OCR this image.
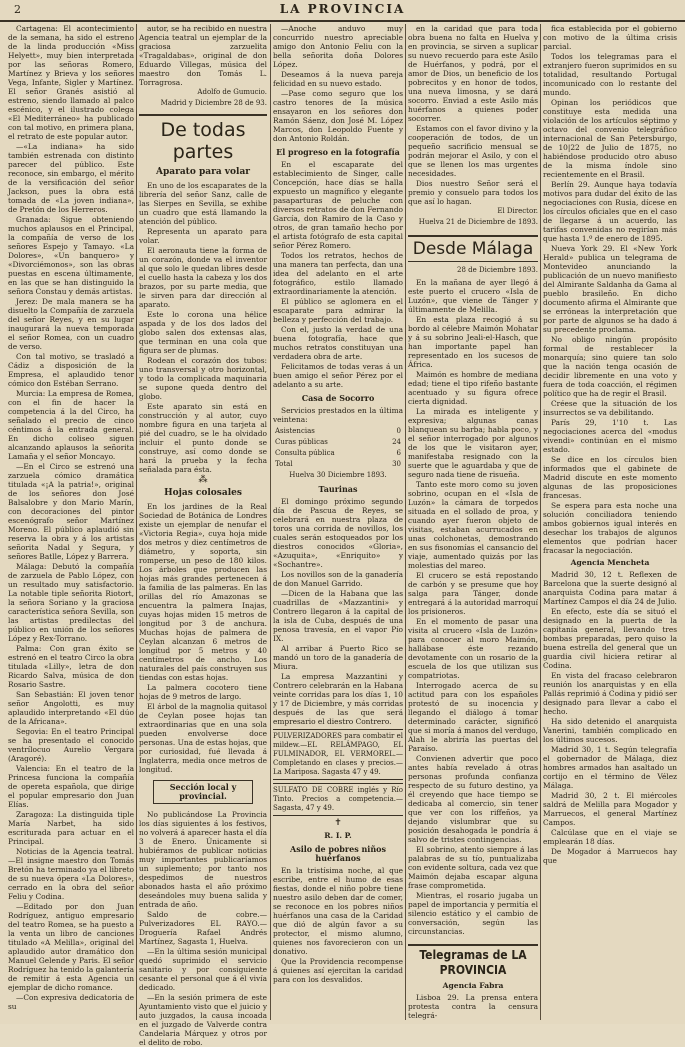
2	LA PROVINCIA

Cartagena: El acontecimiento de la semana, ha sido el estreno de la linda producción «Miss Helyett», muy bien interpretada por las señoras Romero, Martínez y Brieva y los señores Vega, Infante, Sigler y Martínez. El señor Granés asistió al estreno, siendo llamado al palco escénico, y el ilustrado colega «El Mediterráneo» ha publicado con tal motivo, en primera plana, el retrato de este popular autor.

—«La indiana» ha sido también estrenada con distinto parecer del público. Este reconoce, sin embargo, el mérito de la versificación del señor Jackson, pues la obra está tomada de «La joven indiana», de Pretón de los Herreros.

Granada: Sigue obteniendo muchos aplausos en el Principal, la compañía de verso de los señores Espejo y Tamayo. «La Dolores», «Un banquero» y «Divorciémonos», son las obras puestas en escena últimamente, en las que se han distinguido la señora Constau y demás artistas.

Jerez: De mala manera se ha disuelto la Compañía de zarzuela del señor Reyes, y en su lugar inaugurará la nueva temporada el señor Romea, con un cuadro de verso.

Con tal motivo, se trasladó a Cádiz a disposición de la Empresa, el aplaudido tenor cómico don Estéban Serrano.

Murcia: La empresa de Romea, con el fin de hacer la competencia á la del Circo, ha señalado el precio de cinco céntimos á la entrada general. En dicho coliseo siguen alcanzando aplausos la señorita Lamaña y el señor Moncayo.

—En el Circo se estrenó una zarzuela cómico dramática titulada «¡A la patria!», original de los señores don José Balsalobre y don Mario Marín, con decoraciones del pintor escenógrafo señor Martínez Moreno. El público aplaudió sin reserva la obra y á los artistas señorita Nadal y Segura, y señores Batlle, López y Barrera.

Málaga: Debutó la compañía de zarzuela de Pablo López, con un resultado muy satisfactorio. La notable tiple señorita Riotort, la señora Soriano y la graciosa característica señora Sevilla, son las artistas predilectas del público en unión de los señores López y Rex-Torrano.

Palma: Con gran éxito se estrenó en el teatro Circo la obra titulada «Lilly», letra de don Ricardo Salva, música de don Rosario Sastre.

San Sebastián: El joven tenor señor Angolotti, es muy aplaudido interpretando «El dúo de la Africana».

Segovia: En el teatro Principal se ha presentado el conocido ventrílocuo Aurelio Vergara (Aragoré).

Valencia: En el teatro de la Princesa funciona la compañía de opereta española, que dirige el popular empresario don Juan Elías.

Zaragoza: La distinguida tiple María Narbet, ha sido escriturada para actuar en el Principal.

Noticias de la Agencia teatral.—El insigne maestro don Tomás Bretón ha terminado ya el libreto de su nueva ópera «La Dolores», cerrado en la obra del señor Feliu y Codina.

—Editado por don Juan Rodríguez, antiguo empresario del teatro Romea, se ha puesto a la venta un libro de canciones titulado «A Melilla», original del aplaudido autor dramático don Manuel Gelende y Paris. El señor Rodríguez ha tenido la galantería de remitir á esta Agencia un ejemplar de dicho romance.

—Con expresiva dedicatoria de su

autor, se ha recibido en nuestra Agencia teatral un ejemplar de la graciosa zarzuelita «Tragaldabas», original de don Eduardo Villegas, música del maestro don Tomás L. Torragrosa.

Adolfo de Gumucio.
Madrid y Diciembre 28 de 93.
De todas partes
Aparato para volar

En uno de los escaparates de la librería del señor Sanz, calle de las Sierpes en Sevilla, se exhibe un cuadro que está llamando la atención del público.

Representa un aparato para volar.

El aeronauta tiene la forma de un corazón, donde va el inventor al que solo le quedan libres desde el cuello hasta la cabeza y los dos brazos, por su parte media, que le sirven para dar dirección al aparato.

Este lo corona una hélice aspada y de los dos lados del globo salen dos extensas alas, que terminan en una cola que figura ser de plumas.

Rodean el corazón dos tubos: uno transversal y otro horizontal, y todo la complicada maquinaria se supone queda dentro del globo.

Este aparato sin está en construcción y al autor, cuyo nombre figura en una tarjeta al pié del cuadro, se le ha olvidado incluir el punto donde se construye, así como donde se hará la prueba y la fecha señalada para ésta.

⁂
Hojas colosales

En los jardines de la Real Sociedad de Botánica de Londres existe un ejemplar de nenufar el «Victoria Regia», cuya hoja mide dos metros y diez centímetros de diámetro, y soporta, sin romperse, un peso de 180 kilos. Los árboles que producen las hojas más grandes pertenecen á la familia de las palmeras. En las orillas del río Amazonas se encuentra la palmera Inajas, cuyas hojas miden 15 metros de longitud por 3 de anchura. Muchas hojas de palmera de Ceylan alcanzan 6 metros de longitud por 5 metros y 40 centímetros de ancho. Los naturales del país construyen sus tiendas con estas hojas.

La palmera cocotero tiene hojas de 9 metros de largo.

El árbol de la magnolia quitasol de Ceylan posee hojas tan extraordinarias que en una sola pueden envolverse doce personas. Una de estas hojas, que por curiosidad, fué llevada á Inglaterra, media once metros de longitud.

Sección local y provincial.

No publicándose La Provincia los días siguientes á los festivos, no volverá á aparecer hasta el día 3 de Enero. Únicamente si hubiéramos de publicar noticias muy importantes publicaríamos un suplemento; por tanto nos despedimos de nuestros abonados hasta el año próximo deseándoles muy buena salida y entrada de año.

Saldo de cobre.—Pulverizadores EL RAYO.—Droguería Rafael Andrés Martínez, Sagasta 1, Huelva.

—En la última sesión municipal quedó suprimido el servicio sanitario y por consiguiente cesante el personal que á él vivía dedicado.

—En la sesión primera de este Ayuntamiento visto que el juicio y auto juzgados, la causa incoada en el juzgado de Valverde contra Candelaria Márquez y otros por el delito de robo.

—Anoche anduvo muy concurrido nuestro apreciable amigo don Antonio Feliu con la bella señorita doña Dolores López.

Deseamos á la nueva pareja felicidad en su nuevo estado.

—Pase como seguro que los castro tenores de Ia música ensayaron en los señores don Ramón Sáenz, don José M. López Marcos, don Leopoldo Fuente y don Antonio Roldán.

El progreso en la fotografía

En el escaparate del establecimiento de Singer, calle Concepción, hace días se halla expuesto un magnífico y elegante pasaparturas de peluche con diversos retratos de don Fernando García, don Ramiro de la Caso y otros, de gran tamaño hecho por el artista fotógrafo de esta capital señor Pérez Romero.

Todos los retratos, hechos de una manera tan perfecta, dan una idea del adelanto en el arte fotográfico, estilo llamado extraordinariamente la atención.

El público se aglomera en el escaparate para admirar la belleza y perfección del trabajo.

Con el, justo la verdad de una buena fotografía, hace que muchos retratos constituyan una verdadera obra de arte.

Felicitamos de todas veras á un buen amigo el señor Pérez por el adelanto a su arte.

Casa de Socorro

Servicios prestados en la última veintena:

Asistencias	0
Curas públicas	24
Consulta pública	6
Total	30
Huelva 30 Diciembre 1893.
Taurinas

El domingo próximo segundo día de Pascua de Reyes, se celebrará en nuestra plaza de toros una corrida de novillos, los cuales serán estoqueados por los diestros conocidos «Gloria», «Azuquita», «Enriquito» y «Sochantre».

Los novillos son de la ganadería de don Manuel Garrido.

—Dicen de la Habana que las cuadrillas de «Mazzantini» y Contrero llegaron á la capital de la isla de Cuba, después de una penosa travesía, en el vapor Pío IX.

Al arribar á Puerto Rico se mandó un toro de la ganadería de Miura.

La empresa Mazzantini y Contrero celebrarán en la Habana veinte corridas para los días 1, 10 y 17 de Diciembre, y más corridas después de las que será empresario el diestro Contrero.

PULVERIZADORES para combatir el mildew.—EL RELÁMPAGO, EL FULMINADOR, EL VERMOREL.—Completando en clases y precios.—La Mariposa. Sagasta 47 y 49.
SULFATO DE COBRE inglés y Río Tinto. Precios a competencia.—Sagasta, 47 y 49.
✝
R. I. P.
Asilo de pobres niños huérfanos

En la tristísima noche, al que escribe, entre el humo de esas fiestas, donde el niño pobre tiene nuestro asilo deben dar de comer, se reconoce en los pobres niños huérfanos una casa de la Caridad que dió de algún favor a su protector, el mismo alumno, quienes nos favorecieron con un donativo.

Que la Providencia recompense á quienes así ejercitan la caridad para con los desvalidos.

en la caridad que para toda obra buena no falta en Huelva y en provincia, se sirven a suplicar su nuevo recuerdo para este Asilo de Huérfanos, y podrá, por el amor de Dios, un beneficio de los pobrecitos y en honor de todos, una nueva limosna, y se dará socorro. Enviad a este Asilo más huérfanos a quienes poder socorrer.

Estamos con el favor divino y la cooperación de todos, de un pequeño sacrificio mensual se podrán mejorar el Asilo, y con el que se llenen los mas urgentes necesidades.

Dios nuestro Señor será el premio y consuelo para todos los que así lo hagan.

El Director.
Huelva 21 de Diciembre de 1893.
Desde Málaga
28 de Diciembre 1893.

En la mañana de ayer llegó á este puerto el crucero «Isla de Luzón», que viene de Tánger y últimamente de Melilla.

En esta plaza recogió á su bordo al célebre Maimón Mohatar y á su sobrino Jeali-el-Hasch, que han importante papel han representado en los sucesos de África.

Maimón es hombre de mediana edad; tiene el tipo rifeño bastante acentuado y su figura ofrece cierta dignidad.

La mirada es inteligente y expresiva; algunas canas blanquean su barba; habla poco, y el señor interrogado por algunos de los que le visitaron ayer, manifestaba resignado con la suerte que le aguardaba y que de seguro nada tiene de risueña.

Tanto este moro como su joven sobrino, ocupan en el «Isla de Luzón» la cámara de torpedos situada en el sollado de proa, y cuando ayer fueron objeto de visitas, estaban acurrucados en unas colchonetas, demostrando en sus fisonomías el cansancio del viaje, aumentado quizás por las molestias del mareo.

El crucero se está repostando de carbón y se presume que hoy salga para Tánger, donde entregará á la autoridad marroquí los prisioneros.

En el momento de pasar una visita al crucero «Isla de Luzón» para conocer al moro Maimón, hallábase éste rezando devotamente con un rosario de la escuela de los que utilizan sus compatriotas.

Interrogado acerca de su actitud para con los españoles protestó de su inocencia y llegando el diálogo á tomar determinado carácter, significó que si moría á manos del verdugo, Alah le abriría las puertas del Paraíso.

Convienen advertir que poco antes había revelado á otras personas profunda confianza respecto de su futuro destino, ya él creyendo que hace tiempo se dedicaba al comercio, sin tener que ver con los riffeños, ya dejando vislumbrar que su posición desahogada le pondría á salvo de tristes contingencias.

El sobrino, atento siempre á las palabras de su tío, puntualizaba con evidente soltura, cada vez que Maimón dejaba escapar alguna frase comprometida.

Mientras, el rosario jugaba un papel de importancia y permitía el silencio estático y el cambio de conversación, según las circunstancias.

Telegramas de LA PROVINCIA
Agencia Fabra

Lisboa 29. La prensa entera protesta contra la censura telegrá-

fica establecida por el gobierno con motivo de la última crisis parcial.

Todos los telegramas para el extranjero fueron suprimidos en su totalidad, resultando Portugal incomunicado con lo restante del mundo.

Opinan los periódicos que constituye esta medida una violación de los artículos séptimo y octavo del convenio telegráfico internacional de San Petersburgo, de 10|22 de Julio de 1875, no habiéndose producido otro abuso de la misma índole sino recientemente en el Brasil.

Berlín 29. Aunque haya todavía motivos para dudar del éxito de las negociaciones con Rusia, dícese en los círculos oficiales que en el caso de llegarse á un acuerdo, las tarifas convenidas no regirían más que hasta 1.º de enero de 1895.

Nueva York 29. El «New York Herald» publica un telegrama de Montevideo anunciando la publicación de un nuevo manifiesto del Almirante Saldanha da Gama al pueblo brasileño. En dicho documento afirma el Almirante que se erróneas la interpretación que por parte de algunos se ha dado á su precedente proclama.

No obligo ningún propósito formal de restablecer la monarquía; sino quiere tan solo que la nación tenga ocasión de decidir libremente en una voto y fuera de toda coacción, el régimen político que ha de regir el Brasil.

Créese que la situación de los insurrectos se va debilitando.

París 29, 1'10 t. Las negociaciones acerca del «modus vivendi» continúan en el mismo estado.

Se dice en los círculos bien informados que el gabinete de Madrid discute en este momento algunas de las proposiciones francesas.

Se espera para esta noche una solución conciliadora teniendo ambos gobiernos igual interés en desechar los trabajos de algunos elementos que podrían hacer fracasar la negociación.

Agencia Mencheta

Madrid 30, 12 t. Reflexen de Barcelona que la suerte designó al anarquista Codina para matar á Martínez Campos el día 24 de Julio.

En efecto, este día se situó el designado en la puerta de la capitanía general, llevando tres bombas preparadas, pero quiso la buena estrella del general que un guardia civil hiciera retirar al Codina.

En vista del fracaso celebraron reunión los anarquistas y en ella Pallás reprimió á Codina y pidió ser designado para llevar a cabo el hecho.

Ha sido detenido el anarquista Vanerini, también complicado en los últimos sucesos.

Madrid 30, 1 t. Según telegrafía el gobernador de Málaga, diez hombres armados han asaltado un cortijo en el término de Vélez Málaga.

Madrid 30, 2 t. El miércoles saldrá de Melilla para Mogador y Marruecos, el general Martínez Campos.

Calcúlase que en el viaje se emplearán 18 días.

De Mogador á Marruecos hay que
